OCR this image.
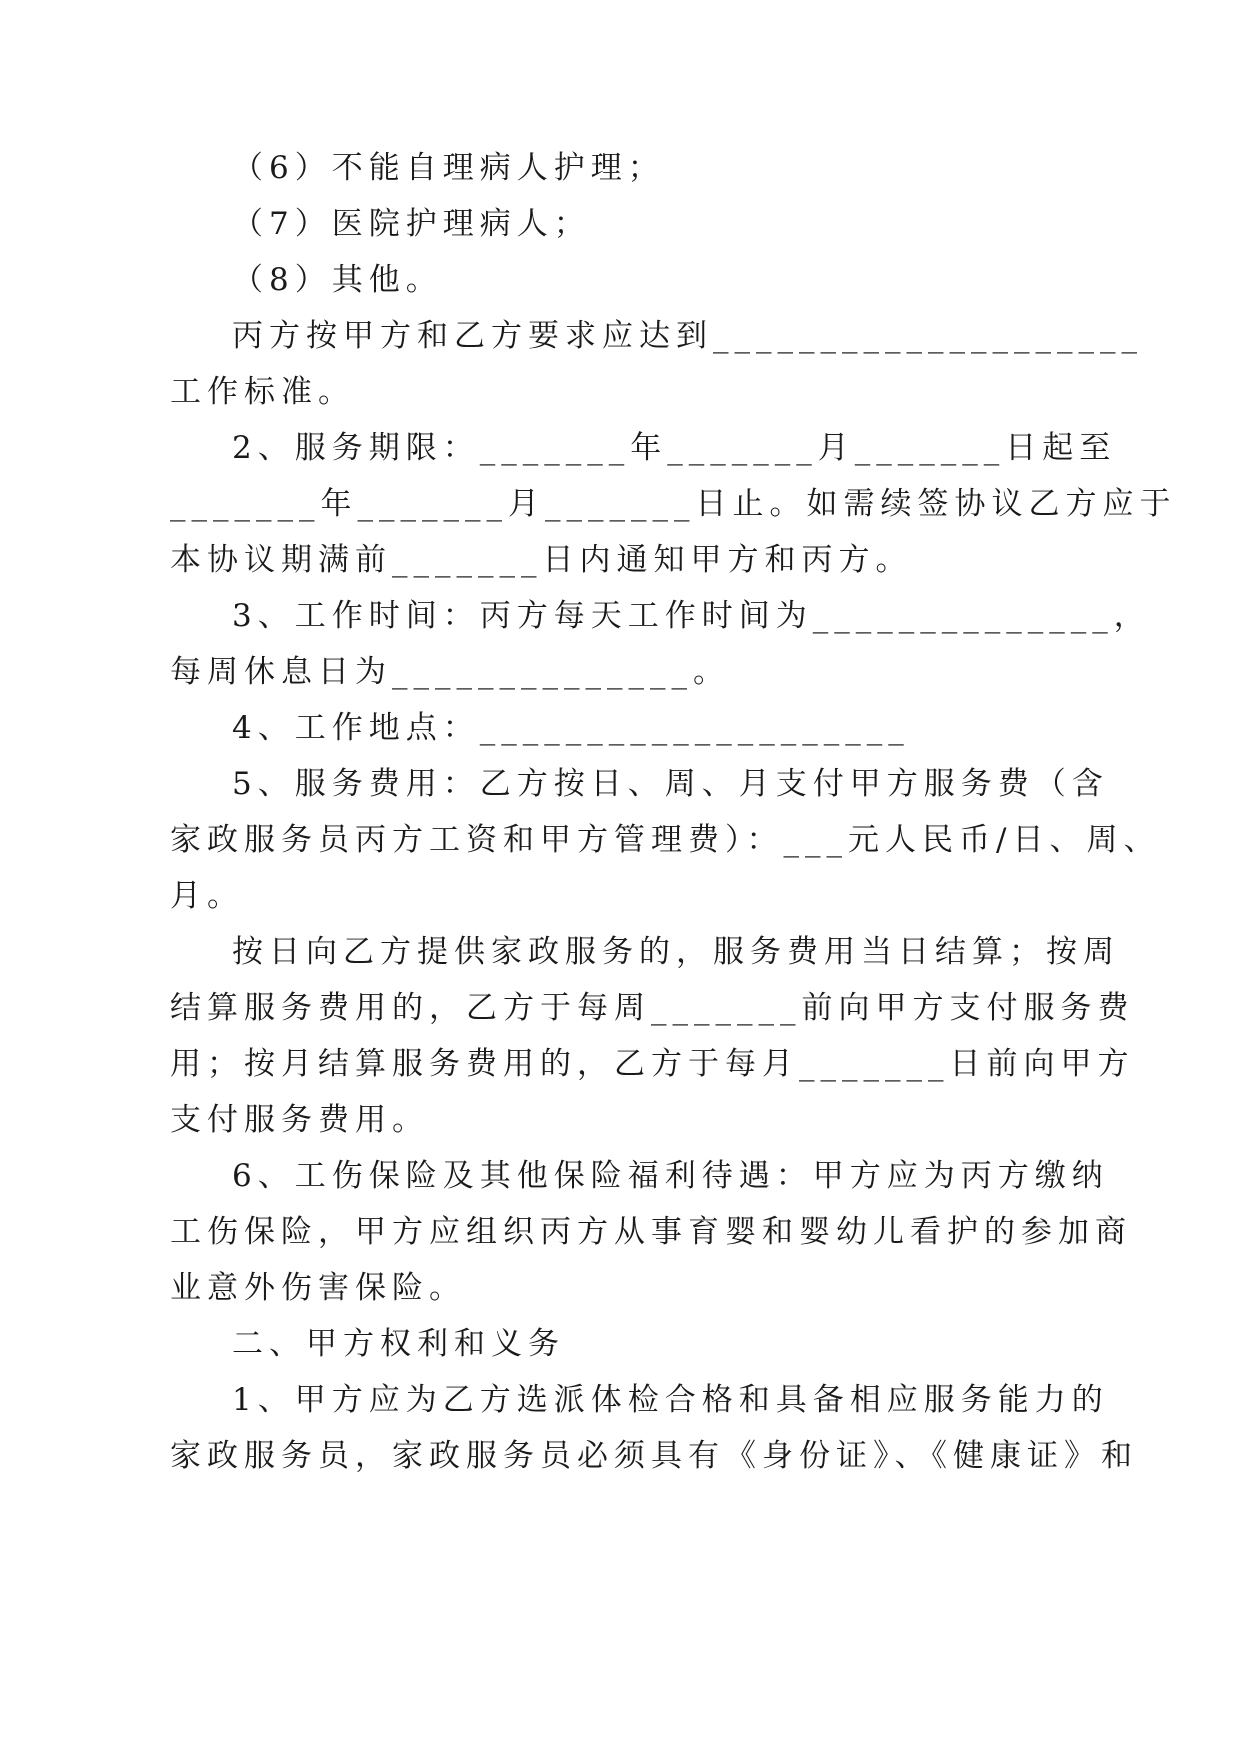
（6）不能自理病人护理；
（7）医院护理病人；
（8）其他。
丙方按甲方和乙方要求应达到____________________
工作标准。
2、服务期限：_______年_______月_______日起至
_______年_______月_______日止。如需续签协议乙方应于
本协议期满前_______日内通知甲方和丙方。
3、工作时间：丙方每天工作时间为______________，
每周休息日为______________。
4、工作地点：____________________
5、服务费用：乙方按日、周、月支付甲方服务费（含
家政服务员丙方工资和甲方管理费）：___元人民币/日、周、
月。
按日向乙方提供家政服务的，服务费用当日结算；按周
结算服务费用的，乙方于每周_______前向甲方支付服务费
用；按月结算服务费用的，乙方于每月_______日前向甲方
支付服务费用。
6、工伤保险及其他保险福利待遇：甲方应为丙方缴纳
工伤保险，甲方应组织丙方从事育婴和婴幼儿看护的参加商
业意外伤害保险。
二、甲方权利和义务
1、甲方应为乙方选派体检合格和具备相应服务能力的
家政服务员，家政服务员必须具有《身份证》、《健康证》和
